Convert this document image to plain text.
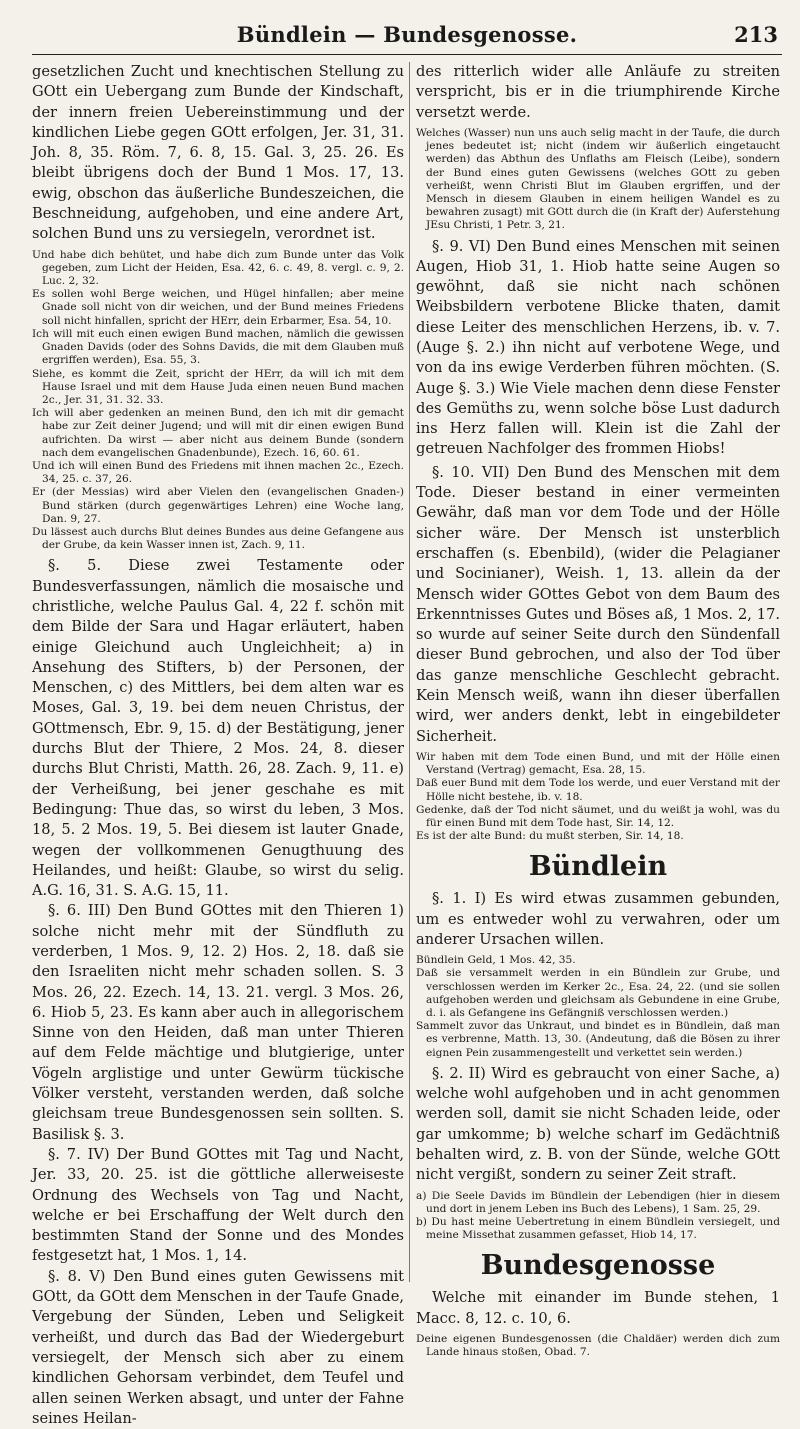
Bündlein — Bundesgenosse.	213

gesetzlichen Zucht und knechtischen Stellung zu GOtt ein Uebergang zum Bunde der Kindschaft, der innern freien Uebereinstimmung und der kindlichen Liebe gegen GOtt erfolgen, Jer. 31, 31. Joh. 8, 35. Röm. 7, 6. 8, 15. Gal. 3, 25. 26. Es bleibt übrigens doch der Bund 1 Mos. 17, 13. ewig, obschon das äußerliche Bundeszeichen, die Beschneidung, aufgehoben, und eine andere Art, solchen Bund uns zu versiegeln, verordnet ist.

Und habe dich behütet, und habe dich zum Bunde unter das Volk gegeben, zum Licht der Heiden, Esa. 42, 6. c. 49, 8. vergl. c. 9, 2. Luc. 2, 32.

Es sollen wohl Berge weichen, und Hügel hinfallen; aber meine Gnade soll nicht von dir weichen, und der Bund meines Friedens soll nicht hinfallen, spricht der HErr, dein Erbarmer, Esa. 54, 10.

Ich will mit euch einen ewigen Bund machen, nämlich die gewissen Gnaden Davids (oder des Sohns Davids, die mit dem Glauben muß ergriffen werden), Esa. 55, 3.

Siehe, es kommt die Zeit, spricht der HErr, da will ich mit dem Hause Israel und mit dem Hause Juda einen neuen Bund machen 2c., Jer. 31, 31. 32. 33.

Ich will aber gedenken an meinen Bund, den ich mit dir gemacht habe zur Zeit deiner Jugend; und will mit dir einen ewigen Bund aufrichten. Da wirst — aber nicht aus deinem Bunde (sondern nach dem evangelischen Gnadenbunde), Ezech. 16, 60. 61.

Und ich will einen Bund des Friedens mit ihnen machen 2c., Ezech. 34, 25. c. 37, 26.

Er (der Messias) wird aber Vielen den (evangelischen Gnaden-) Bund stärken (durch gegenwärtiges Lehren) eine Woche lang, Dan. 9, 27.

Du lässest auch durchs Blut deines Bundes aus deine Gefangene aus der Grube, da kein Wasser innen ist, Zach. 9, 11.

§. 5. Diese zwei Testamente oder Bundesverfassungen, nämlich die mosaische und christliche, welche Paulus Gal. 4, 22 f. schön mit dem Bilde der Sara und Hagar erläutert, haben einige Gleichund auch Ungleichheit; a) in Ansehung des Stifters, b) der Personen, der Menschen, c) des Mittlers, bei dem alten war es Moses, Gal. 3, 19. bei dem neuen Christus, der GOttmensch, Ebr. 9, 15. d) der Bestätigung, jener durchs Blut der Thiere, 2 Mos. 24, 8. dieser durchs Blut Christi, Matth. 26, 28. Zach. 9, 11. e) der Verheißung, bei jener geschahe es mit Bedingung: Thue das, so wirst du leben, 3 Mos. 18, 5. 2 Mos. 19, 5. Bei diesem ist lauter Gnade, wegen der vollkommenen Genugthuung des Heilandes, und heißt: Glaube, so wirst du selig. A.G. 16, 31. S. A.G. 15, 11.

§. 6. III) Den Bund GOttes mit den Thieren 1) solche nicht mehr mit der Sündfluth zu verderben, 1 Mos. 9, 12. 2) Hos. 2, 18. daß sie den Israeliten nicht mehr schaden sollen. S. 3 Mos. 26, 22. Ezech. 14, 13. 21. vergl. 3 Mos. 26, 6. Hiob 5, 23. Es kann aber auch in allegorischem Sinne von den Heiden, daß man unter Thieren auf dem Felde mächtige und blutgierige, unter Vögeln arglistige und unter Gewürm tückische Völker versteht, verstanden werden, daß solche gleichsam treue Bundesgenossen sein sollten. S. Basilisk §. 3.

§. 7. IV) Der Bund GOttes mit Tag und Nacht, Jer. 33, 20. 25. ist die göttliche allerweiseste Ordnung des Wechsels von Tag und Nacht, welche er bei Erschaffung der Welt durch den bestimmten Stand der Sonne und des Mondes festgesetzt hat, 1 Mos. 1, 14.

§. 8. V) Den Bund eines guten Gewissens mit GOtt, da GOtt dem Menschen in der Taufe Gnade, Vergebung der Sünden, Leben und Seligkeit verheißt, und durch das Bad der Wiedergeburt versiegelt, der Mensch sich aber zu einem kindlichen Gehorsam verbindet, dem Teufel und allen seinen Werken absagt, und unter der Fahne seines Heilan-

des ritterlich wider alle Anläufe zu streiten verspricht, bis er in die triumphirende Kirche versetzt werde.

Welches (Wasser) nun uns auch selig macht in der Taufe, die durch jenes bedeutet ist; nicht (indem wir äußerlich eingetaucht werden) das Abthun des Unflaths am Fleisch (Leibe), sondern der Bund eines guten Gewissens (welches GOtt zu geben verheißt, wenn Christi Blut im Glauben ergriffen, und der Mensch in diesem Glauben in einem heiligen Wandel es zu bewahren zusagt) mit GOtt durch die (in Kraft der) Auferstehung JEsu Christi, 1 Petr. 3, 21.

§. 9. VI) Den Bund eines Menschen mit seinen Augen, Hiob 31, 1. Hiob hatte seine Augen so gewöhnt, daß sie nicht nach schönen Weibsbildern verbotene Blicke thaten, damit diese Leiter des menschlichen Herzens, ib. v. 7. (Auge §. 2.) ihn nicht auf verbotene Wege, und von da ins ewige Verderben führen möchten. (S. Auge §. 3.) Wie Viele machen denn diese Fenster des Gemüths zu, wenn solche böse Lust dadurch ins Herz fallen will. Klein ist die Zahl der getreuen Nachfolger des frommen Hiobs!

§. 10. VII) Den Bund des Menschen mit dem Tode. Dieser bestand in einer vermeinten Gewähr, daß man vor dem Tode und der Hölle sicher wäre. Der Mensch ist unsterblich erschaffen (s. Ebenbild), (wider die Pelagianer und Socinianer), Weish. 1, 13. allein da der Mensch wider GOttes Gebot von dem Baum des Erkenntnisses Gutes und Böses aß, 1 Mos. 2, 17. so wurde auf seiner Seite durch den Sündenfall dieser Bund gebrochen, und also der Tod über das ganze menschliche Geschlecht gebracht. Kein Mensch weiß, wann ihn dieser überfallen wird, wer anders denkt, lebt in eingebildeter Sicherheit.

Wir haben mit dem Tode einen Bund, und mit der Hölle einen Verstand (Vertrag) gemacht, Esa. 28, 15.

Daß euer Bund mit dem Tode los werde, und euer Verstand mit der Hölle nicht bestehe, ib. v. 18.

Gedenke, daß der Tod nicht säumet, und du weißt ja wohl, was du für einen Bund mit dem Tode hast, Sir. 14, 12.

Es ist der alte Bund: du mußt sterben, Sir. 14, 18.

Bündlein

§. 1. I) Es wird etwas zusammen gebunden, um es entweder wohl zu verwahren, oder um anderer Ursachen willen.

Bündlein Geld, 1 Mos. 42, 35.

Daß sie versammelt werden in ein Bündlein zur Grube, und verschlossen werden im Kerker 2c., Esa. 24, 22. (und sie sollen aufgehoben werden und gleichsam als Gebundene in eine Grube, d. i. als Gefangene ins Gefängniß verschlossen werden.)

Sammelt zuvor das Unkraut, und bindet es in Bündlein, daß man es verbrenne, Matth. 13, 30. (Andeutung, daß die Bösen zu ihrer eignen Pein zusammengestellt und verkettet sein werden.)

§. 2. II) Wird es gebraucht von einer Sache, a) welche wohl aufgehoben und in acht genommen werden soll, damit sie nicht Schaden leide, oder gar umkomme; b) welche scharf im Gedächtniß behalten wird, z. B. von der Sünde, welche GOtt nicht vergißt, sondern zu seiner Zeit straft.

a) Die Seele Davids im Bündlein der Lebendigen (hier in diesem und dort in jenem Leben ins Buch des Lebens), 1 Sam. 25, 29.

b) Du hast meine Uebertretung in einem Bündlein versiegelt, und meine Missethat zusammen gefasset, Hiob 14, 17.

Bundesgenosse

Welche mit einander im Bunde stehen, 1 Macc. 8, 12. c. 10, 6.

Deine eigenen Bundesgenossen (die Chaldäer) werden dich zum Lande hinaus stoßen, Obad. 7.
